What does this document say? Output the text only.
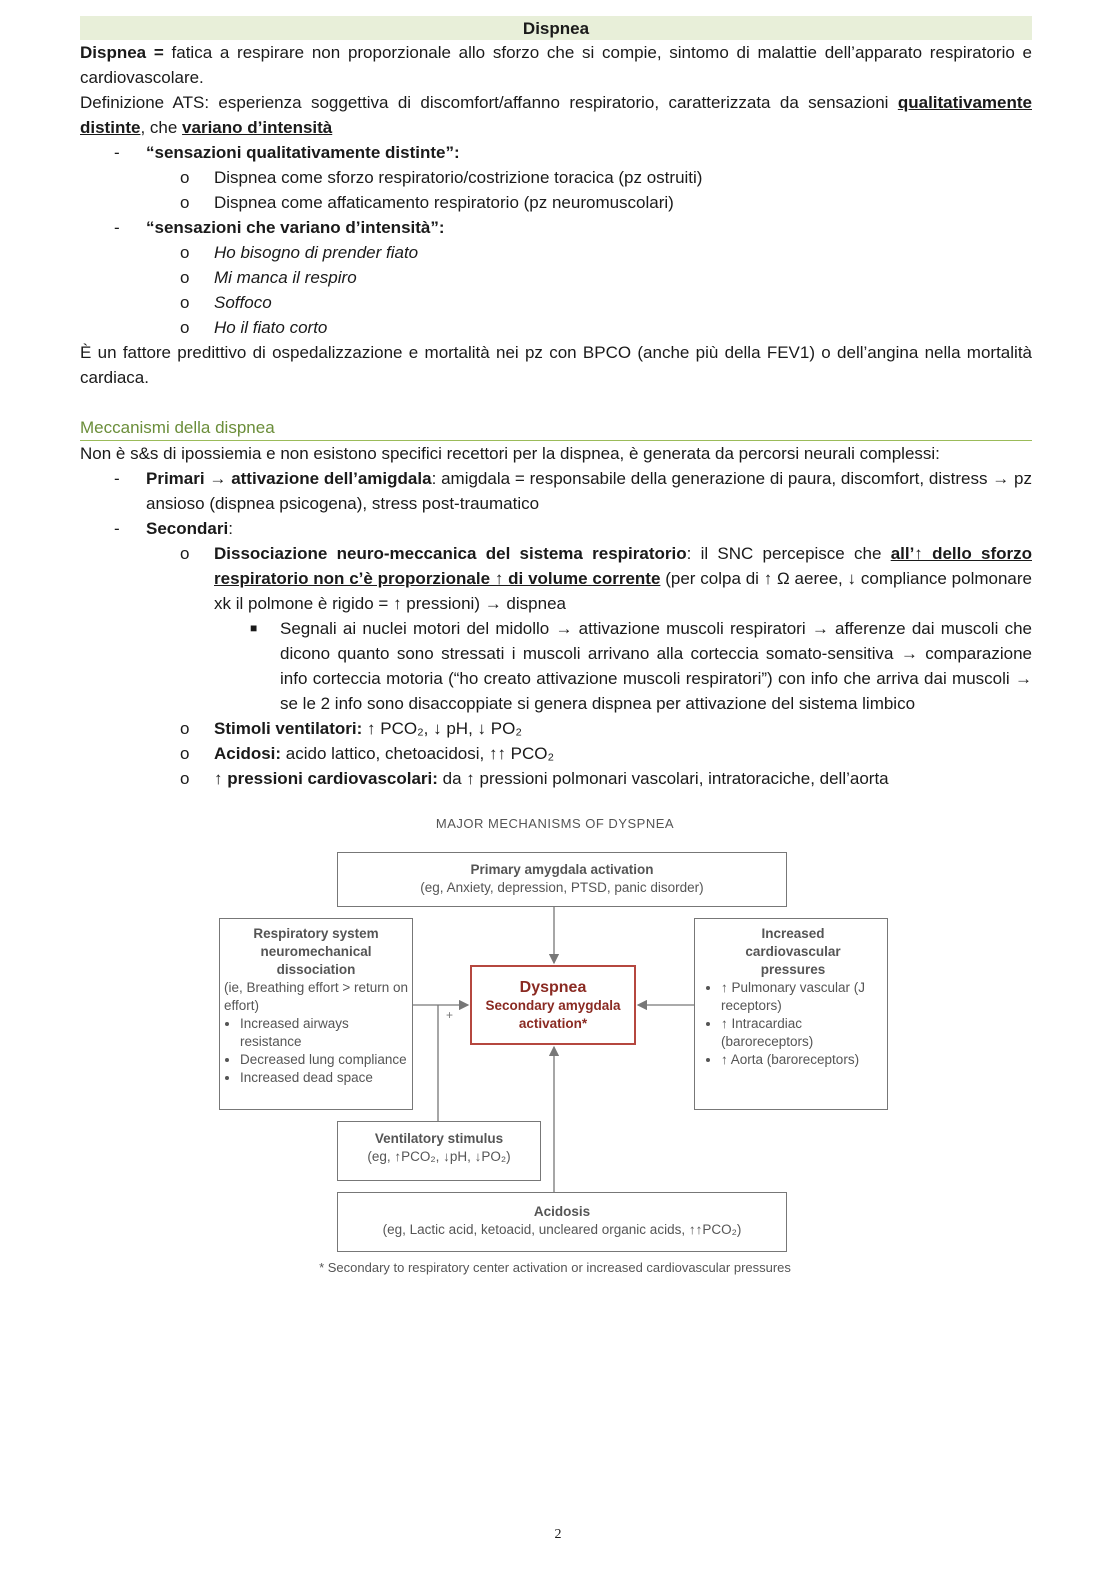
Dispnea

Dispnea = fatica a respirare non proporzionale allo sforzo che si compie, sintomo di malattie dell’apparato respiratorio e cardiovascolare.

Definizione ATS: esperienza soggettiva di discomfort/affanno respiratorio, caratterizzata da sensazioni qualitativamente distinte, che variano d’intensità

- “sensazioni qualitativamente distinte”:
o Dispnea come sforzo respiratorio/costrizione toracica (pz ostruiti)
o Dispnea come affaticamento respiratorio (pz neuromuscolari)
- “sensazioni che variano d’intensità”:
o Ho bisogno di prender fiato
o Mi manca il respiro
o Soffoco
o Ho il fiato corto

È un fattore predittivo di ospedalizzazione e mortalità nei pz con BPCO (anche più della FEV1) o dell’angina nella mortalità cardiaca.

Meccanismi della dispnea

Non è s&s di ipossiemia e non esistono specifici recettori per la dispnea, è generata da percorsi neurali complessi:

- Primari → attivazione dell’amigdala: amigdala = responsabile della generazione di paura, discomfort, distress → pz ansioso (dispnea psicogena), stress post-traumatico
- Secondari:
o Dissociazione neuro-meccanica del sistema respiratorio: il SNC percepisce che all’↑ dello sforzo respiratorio non c’è proporzionale ↑ di volume corrente (per colpa di ↑ Ω aeree, ↓ compliance polmonare xk il polmone è rigido = ↑ pressioni) → dispnea
■ Segnali ai nuclei motori del midollo → attivazione muscoli respiratori → afferenze dai muscoli che dicono quanto sono stressati i muscoli arrivano alla corteccia somato-sensitiva → comparazione info corteccia motoria (“ho creato attivazione muscoli respiratori”) con info che arriva dai muscoli → se le 2 info sono disaccoppiate si genera dispnea per attivazione del sistema limbico
o Stimoli ventilatori: ↑ PCO₂, ↓ pH, ↓ PO₂
o Acidosi: acido lattico, chetoacidosi, ↑↑ PCO₂
o ↑ pressioni cardiovascolari: da ↑ pressioni polmonari vascolari, intratoraciche, dell’aorta
MAJOR MECHANISMS OF DYSPNEA
Primary amygdala activation
(eg, Anxiety, depression, PTSD, panic disorder)
Respiratory system neuromechanical dissociation
(ie, Breathing effort > return on effort)
• Increased airways resistance
• Decreased lung compliance
• Increased dead space
Dyspnea
Secondary amygdala activation*
+
Increased cardiovascular pressures
• ↑ Pulmonary vascular (J receptors)
• ↑ Intracardiac (baroreceptors)
• ↑ Aorta (baroreceptors)
Ventilatory stimulus
(eg, ↑PCO₂, ↓pH, ↓PO₂)
Acidosis
(eg, Lactic acid, ketoacid, uncleared organic acids, ↑↑PCO₂)
* Secondary to respiratory center activation or increased cardiovascular pressures
2
